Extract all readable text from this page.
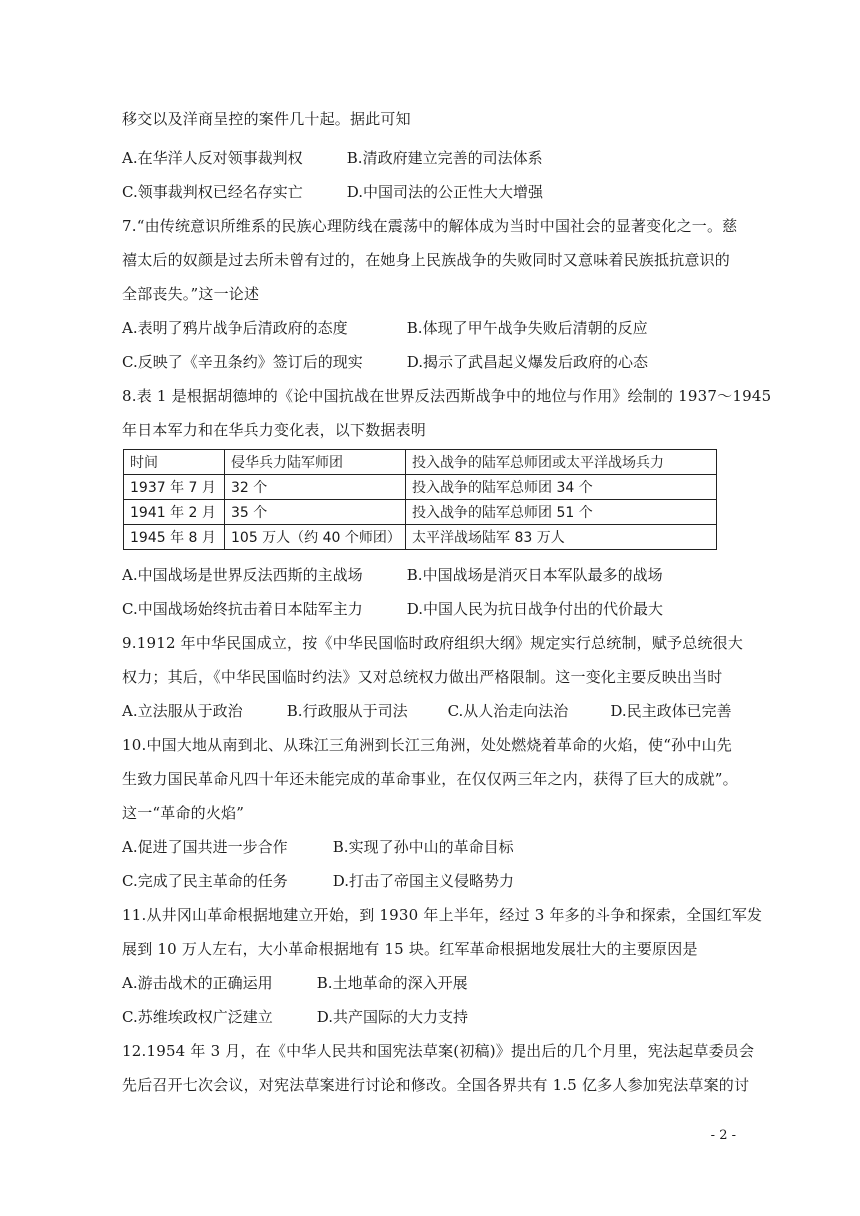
移交以及洋商呈控的案件几十起。据此可知
A.在华洋人反对领事裁判权	B.清政府建立完善的司法体系
C.领事裁判权已经名存实亡	D.中国司法的公正性大大增强
7.“由传统意识所维系的民族心理防线在震荡中的解体成为当时中国社会的显著变化之一。慈
禧太后的奴颜是过去所未曾有过的，在她身上民族战争的失败同时又意味着民族抵抗意识的
全部丧失。”这一论述
A.表明了鸦片战争后清政府的态度	B.体现了甲午战争失败后清朝的反应
C.反映了《辛丑条约》签订后的现实	D.揭示了武昌起义爆发后政府的心态
8.表 1 是根据胡德坤的《论中国抗战在世界反法西斯战争中的地位与作用》绘制的 1937～1945
年日本军力和在华兵力变化表，以下数据表明
时间	侵华兵力陆军师团	投入战争的陆军总师团或太平洋战场兵力
1937 年 7 月	32 个	投入战争的陆军总师团 34 个
1941 年 2 月	35 个	投入战争的陆军总师团 51 个
1945 年 8 月	105 万人（约 40 个师团）	太平洋战场陆军 83 万人
A.中国战场是世界反法西斯的主战场	B.中国战场是消灭日本军队最多的战场
C.中国战场始终抗击着日本陆军主力	D.中国人民为抗日战争付出的代价最大
9.1912 年中华民国成立，按《中华民国临时政府组织大纲》规定实行总统制，赋予总统很大
权力；其后，《中华民国临时约法》又对总统权力做出严格限制。这一变化主要反映出当时
A.立法服从于政治	B.行政服从于司法	C.从人治走向法治	D.民主政体已完善
10.中国大地从南到北、从珠江三角洲到长江三角洲，处处燃烧着革命的火焰，使“孙中山先
生致力国民革命凡四十年还未能完成的革命事业，在仅仅两三年之内，获得了巨大的成就”。
这一“革命的火焰”
A.促进了国共进一步合作	B.实现了孙中山的革命目标
C.完成了民主革命的任务	D.打击了帝国主义侵略势力
11.从井冈山革命根据地建立开始，到 1930 年上半年，经过 3 年多的斗争和探索，全国红军发
展到 10 万人左右，大小革命根据地有 15 块。红军革命根据地发展壮大的主要原因是
A.游击战术的正确运用	B.土地革命的深入开展
C.苏维埃政权广泛建立	D.共产国际的大力支持
12.1954 年 3 月，在《中华人民共和国宪法草案(初稿)》提出后的几个月里，宪法起草委员会
先后召开七次会议，对宪法草案进行讨论和修改。全国各界共有 1.5 亿多人参加宪法草案的讨
- 2 -
